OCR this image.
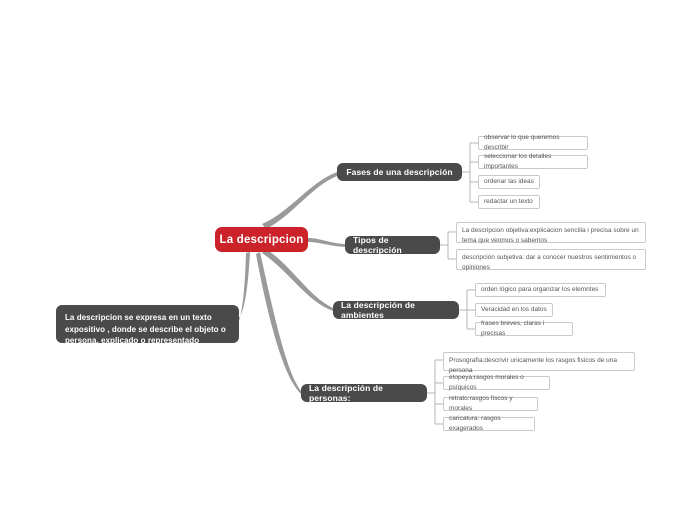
La descripcion
La descripcion se expresa en un texto expositivo , donde se describe el objeto o persona, explicado o representado
Fases de una descripción
observar lo que queremos describir
seleccionar los detalles importantes
ordenar las ideas
redactar un texto
Tipos de descripción
La descripcion objetiva:explicacion sencilla i precisa sobre un tema que veomos o sabemos
descripción subjetiva: dar a conocer nuestros sentimientos o opiniones
La descripción de ambientes
orden lógico para organizar los elemntes
Veracidad en los datos
frases breves, claras i precisas
La descripción de personas:
Prosografía:descrivir unicamente los rasgos fisicos de una persona
etopeya:rasgos morales o psíquicos
retrato:rasgos fiscos y morales
caricatura: rasgos exagerados
